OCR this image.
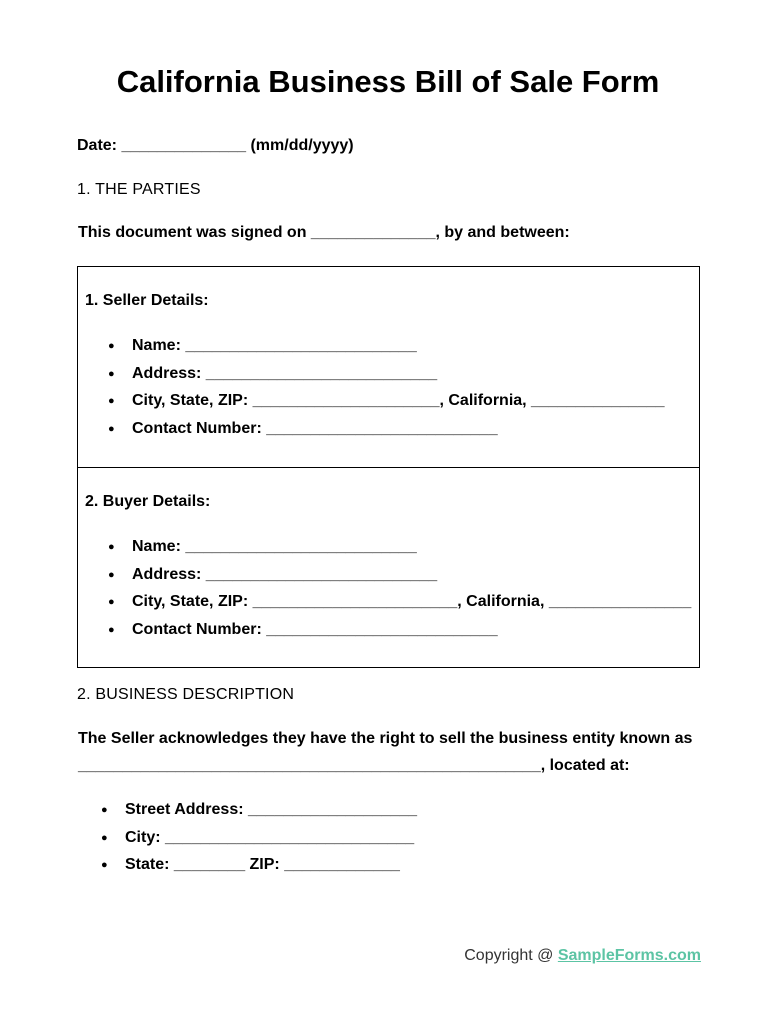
California Business Bill of Sale Form
Date: ______________ (mm/dd/yyyy)
1. THE PARTIES
This document was signed on ______________, by and between:
1. Seller Details:
● Name: __________________________
● Address: __________________________
● City, State, ZIP: _____________________, California, _______________
● Contact Number: __________________________
2. Buyer Details:
● Name: __________________________
● Address: __________________________
● City, State, ZIP: _______________________, California, ________________
● Contact Number: __________________________
2. BUSINESS DESCRIPTION
The Seller acknowledges they have the right to sell the business entity known as
____________________________________________________, located at:
● Street Address: ___________________
● City: ____________________________
● State: ________ ZIP: _____________
Copyright @ SampleForms.com
